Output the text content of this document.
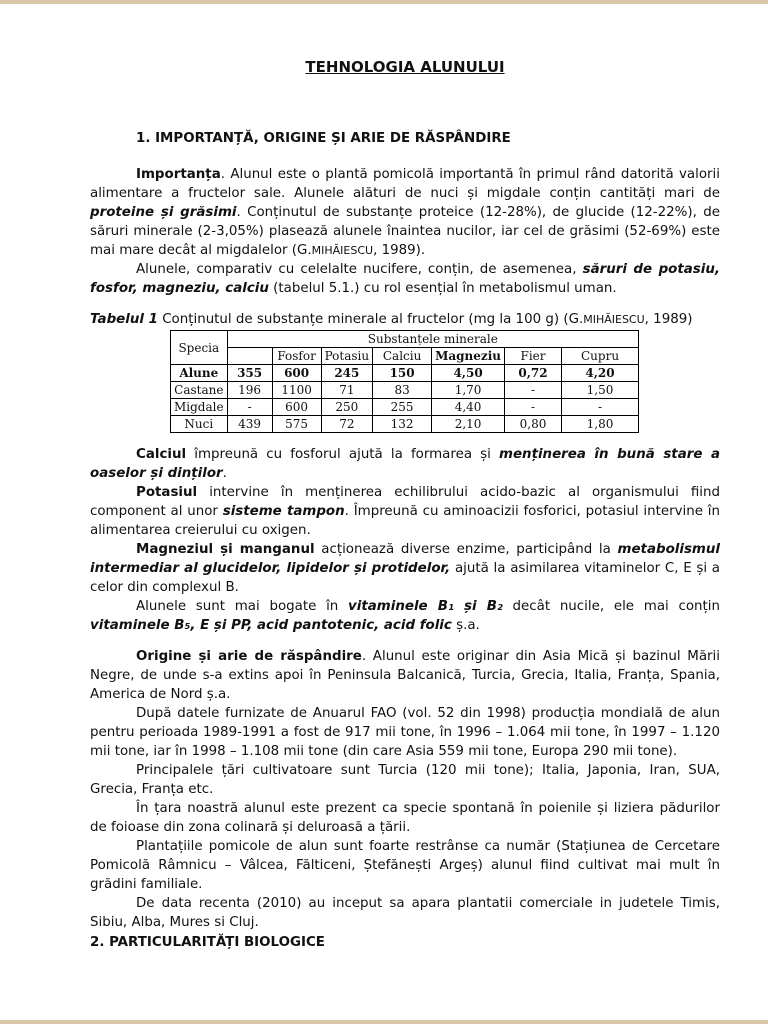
TEHNOLOGIA ALUNULUI
1. IMPORTANȚĂ, ORIGINE ȘI ARIE DE RĂSPÂNDIRE

Importanța. Alunul este o plantă pomicolă importantă în primul rând datorită valorii alimentare a fructelor sale. Alunele alături de nuci și migdale conțin cantități mari de proteine și grăsimi. Conținutul de substanțe proteice (12-28%), de glucide (12-22%), de săruri minerale (2-3,05%) plasează alunele înaintea nucilor, iar cel de grăsimi (52-69%) este mai mare decât al migdalelor (G.MIHĂIESCU, 1989).

Alunele, comparativ cu celelalte nucifere, conțin, de asemenea, săruri de potasiu, fosfor, magneziu, calciu (tabelul 5.1.) cu rol esențial în metabolismul uman.

Tabelul 1 Conținutul de substanțe minerale al fructelor (mg la 100 g) (G.MIHĂIESCU, 1989)

Specia	Substanțele minerale						
		Fosfor	Potasiu	Calciu	Magneziu	Fier	Cupru
Alune	355	600	245	150	4,50	0,72	4,20
Castane	196	1100	71	83	1,70	-	1,50
Migdale	-	600	250	255	4,40	-	-
Nuci	439	575	72	132	2,10	0,80	1,80

Calciul împreună cu fosforul ajută la formarea și menținerea în bună stare a oaselor și dinților.

Potasiul intervine în menținerea echilibrului acido-bazic al organismului fiind component al unor sisteme tampon. Împreună cu aminoacizii fosforici, potasiul intervine în alimentarea creierului cu oxigen.

Magneziul și manganul acționează diverse enzime, participând la metabolismul intermediar al glucidelor, lipidelor și protidelor, ajută la asimilarea vitaminelor C, E și a celor din complexul B.

Alunele sunt mai bogate în vitaminele B₁ și B₂ decât nucile, ele mai conțin vitaminele B₅, E și PP, acid pantotenic, acid folic ș.a.

Origine și arie de răspândire. Alunul este originar din Asia Mică și bazinul Mării Negre, de unde s-a extins apoi în Peninsula Balcanică, Turcia, Grecia, Italia, Franța, Spania, America de Nord ș.a.

După datele furnizate de Anuarul FAO (vol. 52 din 1998) producția mondială de alun pentru perioada 1989-1991 a fost de 917 mii tone, în 1996 – 1.064 mii tone, în 1997 – 1.120 mii tone, iar în 1998 – 1.108 mii tone (din care Asia 559 mii tone, Europa 290 mii tone).

Principalele țări cultivatoare sunt Turcia (120 mii tone); Italia, Japonia, Iran, SUA, Grecia, Franța etc.

În țara noastră alunul este prezent ca specie spontană în poienile și liziera pădurilor de foioase din zona colinară și deluroasă a țării.

Plantațiile pomicole de alun sunt foarte restrânse ca număr (Stațiunea de Cercetare Pomicolă Râmnicu – Vâlcea, Fălticeni, Ștefănești Argeș) alunul fiind cultivat mai mult în grădini familiale.

De data recenta (2010) au inceput sa apara plantatii comerciale in judetele Timis, Sibiu, Alba, Mures si Cluj.

2. PARTICULARITĂȚI BIOLOGICE
